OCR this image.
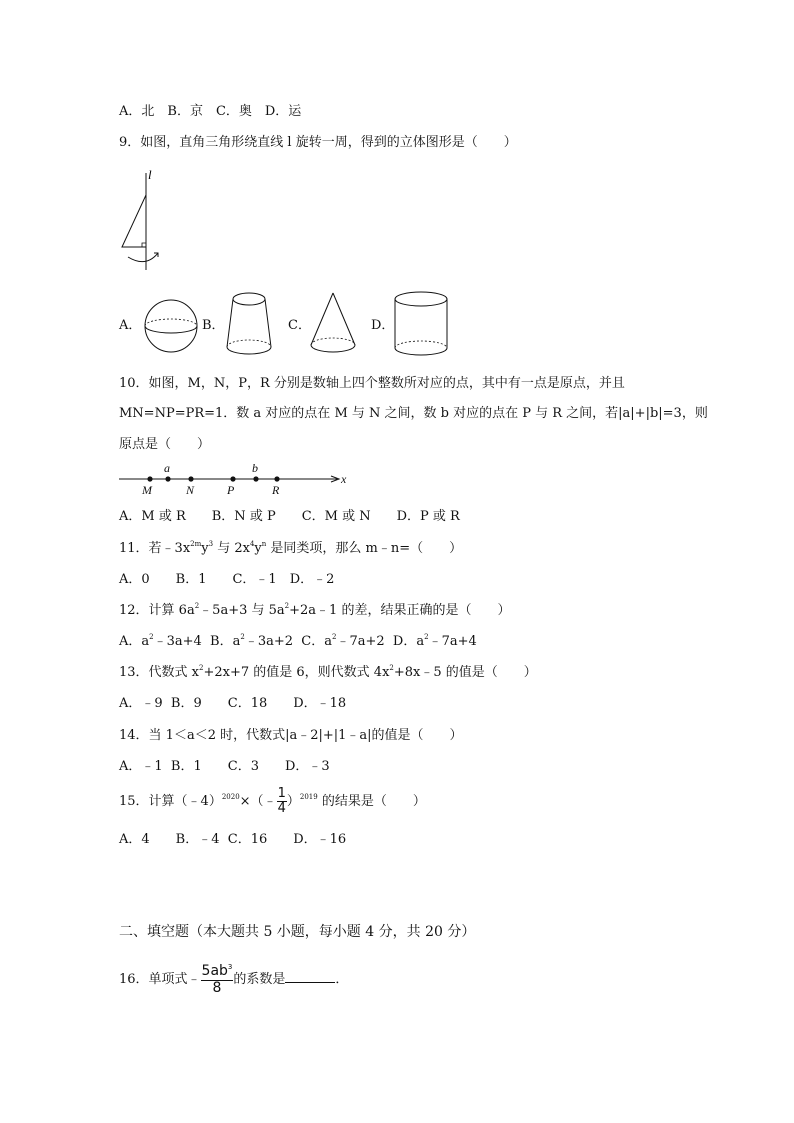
A．北　B．京　C．奥　D．运
9．如图，直角三角形绕直线 l 旋转一周，得到的立体图形是（　　）
l
A．	B．	C．	D．
10．如图，M，N，P，R 分别是数轴上四个整数所对应的点，其中有一点是原点，并且
MN=NP=PR=1．数 a 对应的点在 M 与 N 之间，数 b 对应的点在 P 与 R 之间，若|a|+|b|=3，则
原点是（　　）
a	b
M	N	P	R
x
A．M 或 R　　B．N 或 P　　C．M 或 N　　D．P 或 R
11．若$﹣3x^{2m}y^3$ 与 $2x^4y^n$ 是同类项，那么 m﹣n=（　　）
A．0　　B．1　　C．﹣1　D．﹣2
12．计算 $6a^2﹣5a+3$ 与 $5a^2+2a﹣1$ 的差，结果正确的是（　　）
A．$a^2﹣3a+4$  B．$a^2﹣3a+2$  C．$a^2﹣7a+2$  D．$a^2﹣7a+4$
13．代数式 $x^2+2x+7$ 的值是 6，则代数式 $4x^2+8x﹣5$ 的值是（　　）
A．﹣9  B．9　　C．18　　D．﹣18
14．当 1＜a＜2 时，代数式|a﹣2|+|1﹣a|的值是（　　）
A．﹣1  B．1　　C．3　　D．﹣3
15．计算（﹣4）$^{2020}$×（﹣ $\frac{1}{4} )^{2019}$ 的结果是（　　）
A．4　　B．﹣4  C．16　　D．﹣16
二、填空题（本大题共 5 小题，每小题 4 分，共 20 分）
16．单项式﹣ $\frac{5ab^3}{8}$ 的系数是	．
